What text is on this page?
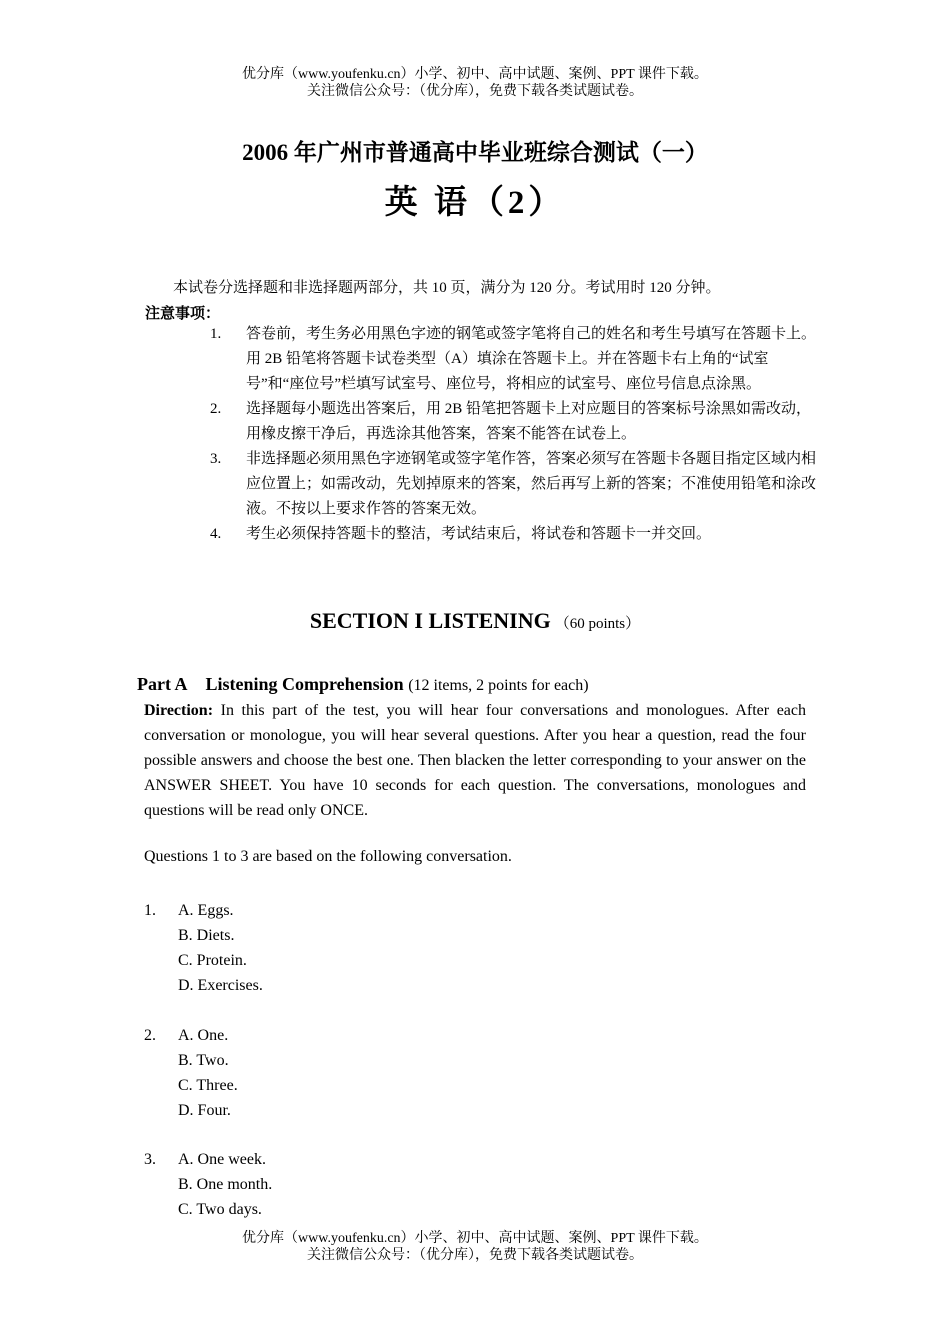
优分库（www.youfenku.cn）小学、初中、高中试题、案例、PPT 课件下载。
关注微信公众号：（优分库），免费下载各类试题试卷。
2006 年广州市普通高中毕业班综合测试（一）
英 语（2）
本试卷分选择题和非选择题两部分，共 10 页，满分为 120 分。考试用时 120 分钟。
注意事项：
1.	答卷前，考生务必用黑色字迹的钢笔或签字笔将自己的姓名和考生号填写在答题卡上。用 2B 铅笔将答题卡试卷类型（A）填涂在答题卡上。并在答题卡右上角的“试室号”和“座位号”栏填写试室号、座位号，将相应的试室号、座位号信息点涂黑。
2.	选择题每小题选出答案后，用 2B 铅笔把答题卡上对应题目的答案标号涂黑如需改动，用橡皮擦干净后，再选涂其他答案，答案不能答在试卷上。
3.	非选择题必须用黑色字迹钢笔或签字笔作答，答案必须写在答题卡各题目指定区域内相应位置上；如需改动，先划掉原来的答案，然后再写上新的答案；不准使用铅笔和涂改液。不按以上要求作答的答案无效。
4.	考生必须保持答题卡的整洁，考试结束后，将试卷和答题卡一并交回。
SECTION I LISTENING （60 points）
Part A Listening Comprehension (12 items, 2 points for each)
Direction: In this part of the test, you will hear four conversations and monologues. After each conversation or monologue, you will hear several questions. After you hear a question, read the four possible answers and choose the best one. Then blacken the letter corresponding to your answer on the ANSWER SHEET. You have 10 seconds for each question. The conversations, monologues and questions will be read only ONCE.
Questions 1 to 3 are based on the following conversation.
1. A. Eggs.
B. Diets.
C. Protein.
D. Exercises.
2. A. One.
B. Two.
C. Three.
D. Four.
3. A. One week.
B. One month.
C. Two days.
优分库（www.youfenku.cn）小学、初中、高中试题、案例、PPT 课件下载。
关注微信公众号：（优分库），免费下载各类试题试卷。
